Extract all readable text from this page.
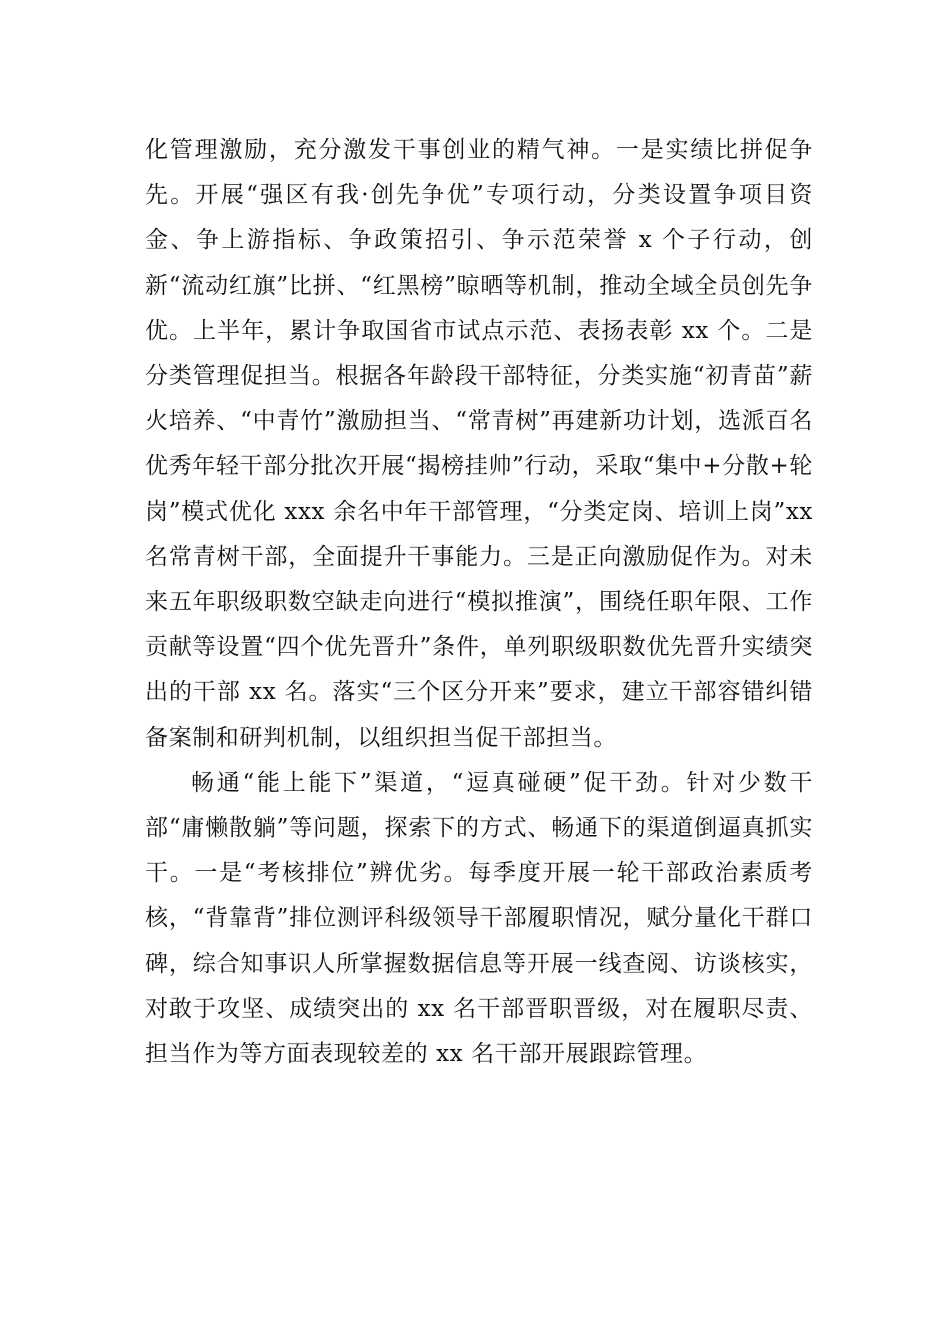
化管理激励，充分激发干事创业的精气神。一是实绩比拼促争先。开展“强区有我·创先争优”专项行动，分类设置争项目资金、争上游指标、争政策招引、争示范荣誉 x 个子行动，创新“流动红旗”比拼、“红黑榜”晾晒等机制，推动全域全员创先争优。上半年，累计争取国省市试点示范、表扬表彰 xx 个。二是分类管理促担当。根据各年龄段干部特征，分类实施“初青苗”薪火培养、“中青竹”激励担当、“常青树”再建新功计划，选派百名优秀年轻干部分批次开展“揭榜挂帅”行动，采取“集中+分散+轮岗”模式优化 xxx 余名中年干部管理，“分类定岗、培训上岗”xx 名常青树干部，全面提升干事能力。三是正向激励促作为。对未来五年职级职数空缺走向进行“模拟推演”，围绕任职年限、工作贡献等设置“四个优先晋升”条件，单列职级职数优先晋升实绩突出的干部 xx 名。落实“三个区分开来”要求，建立干部容错纠错备案制和研判机制，以组织担当促干部担当。

畅通“能上能下”渠道，“逗真碰硬”促干劲。针对少数干部“庸懒散躺”等问题，探索下的方式、畅通下的渠道倒逼真抓实干。一是“考核排位”辨优劣。每季度开展一轮干部政治素质考核，“背靠背”排位测评科级领导干部履职情况，赋分量化干群口碑，综合知事识人所掌握数据信息等开展一线查阅、访谈核实，对敢于攻坚、成绩突出的 xx 名干部晋职晋级，对在履职尽责、担当作为等方面表现较差的 xx 名干部开展跟踪管理。
